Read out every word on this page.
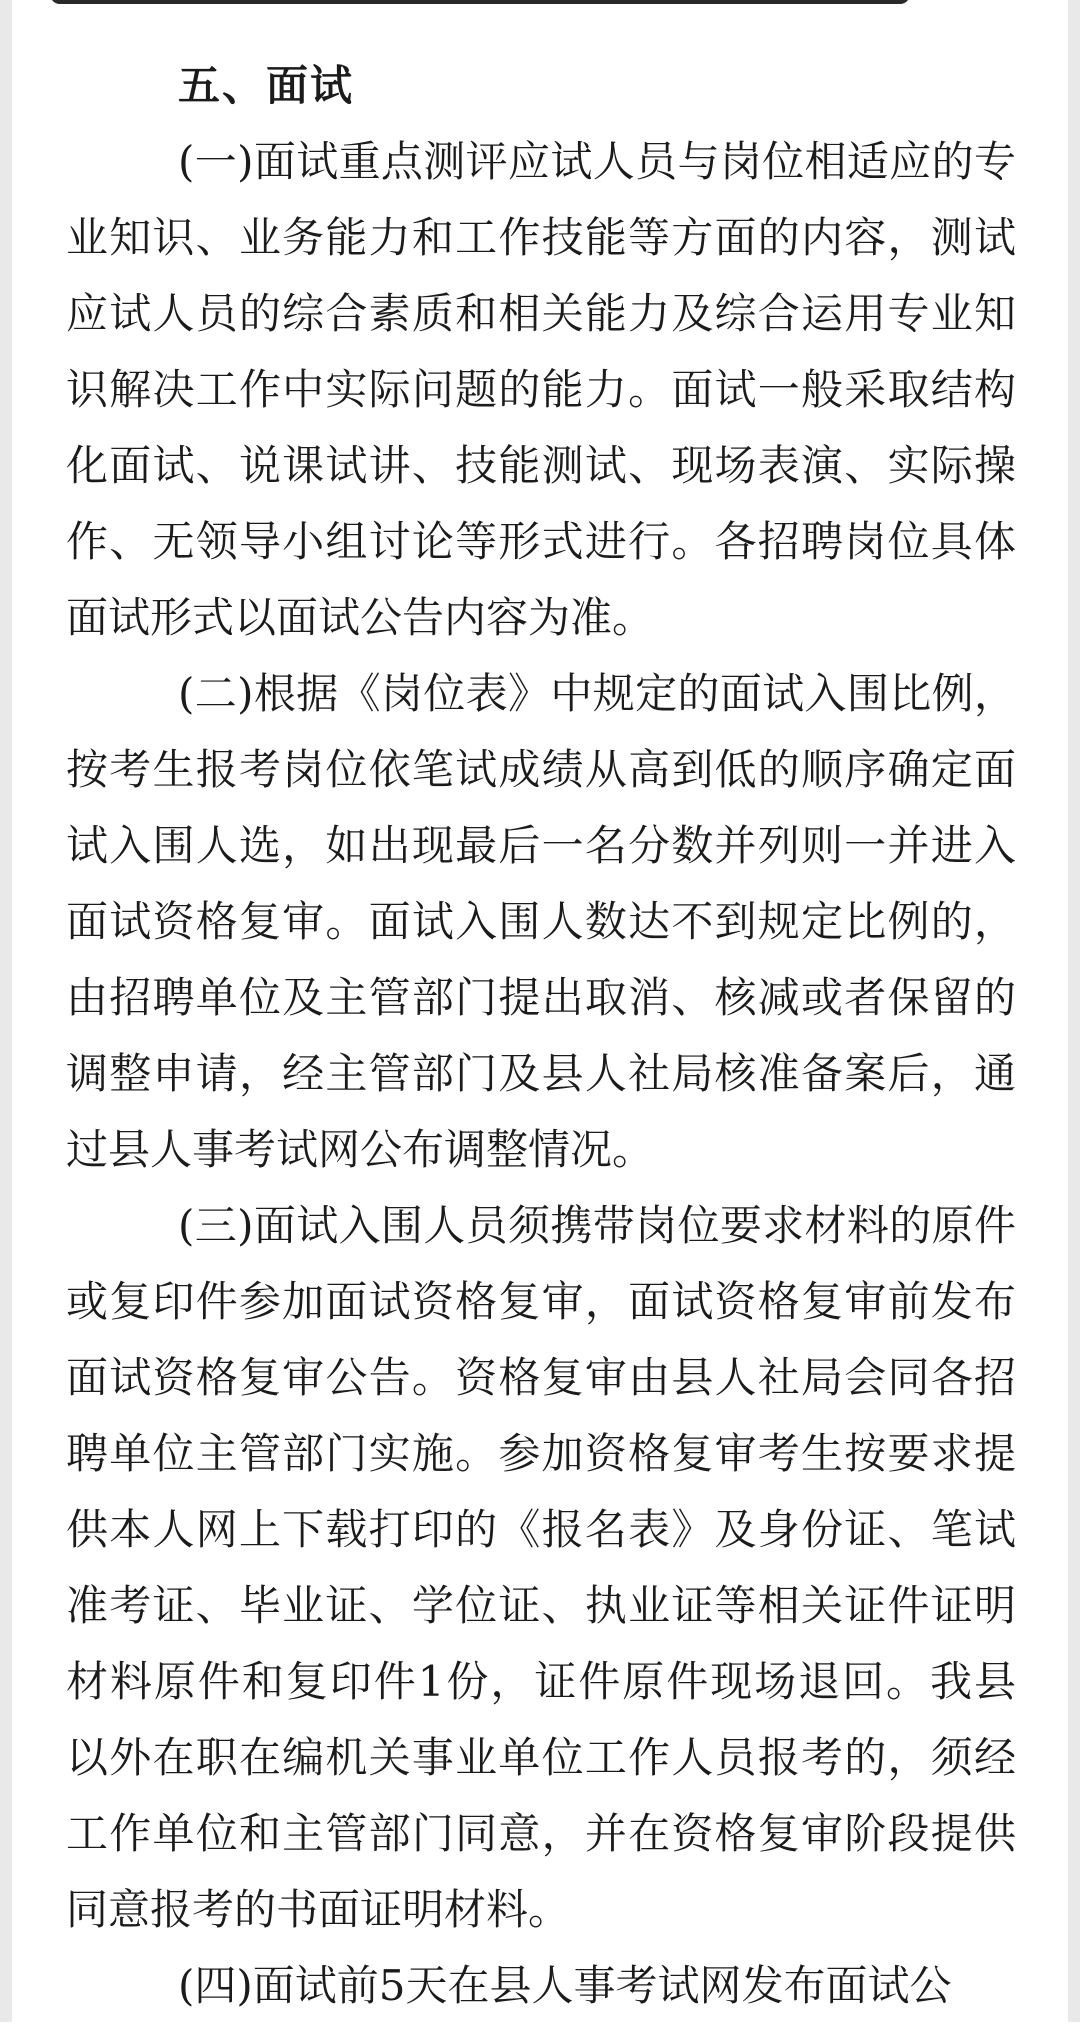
五、面试

(一)面试重点测评应试人员与岗位相适应的专业知识、业务能力和工作技能等方面的内容，测试应试人员的综合素质和相关能力及综合运用专业知识解决工作中实际问题的能力。面试一般采取结构化面试、说课试讲、技能测试、现场表演、实际操作、无领导小组讨论等形式进行。各招聘岗位具体面试形式以面试公告内容为准。

(二)根据《岗位表》中规定的面试入围比例，按考生报考岗位依笔试成绩从高到低的顺序确定面试入围人选，如出现最后一名分数并列则一并进入面试资格复审。面试入围人数达不到规定比例的，由招聘单位及主管部门提出取消、核减或者保留的调整申请，经主管部门及县人社局核准备案后，通过县人事考试网公布调整情况。

(三)面试入围人员须携带岗位要求材料的原件或复印件参加面试资格复审，面试资格复审前发布面试资格复审公告。资格复审由县人社局会同各招聘单位主管部门实施。参加资格复审考生按要求提供本人网上下载打印的《报名表》及身份证、笔试准考证、毕业证、学位证、执业证等相关证件证明材料原件和复印件1份，证件原件现场退回。我县以外在职在编机关事业单位工作人员报考的，须经工作单位和主管部门同意，并在资格复审阶段提供同意报考的书面证明材料。

(四)面试前5天在县人事考试网发布面试公
